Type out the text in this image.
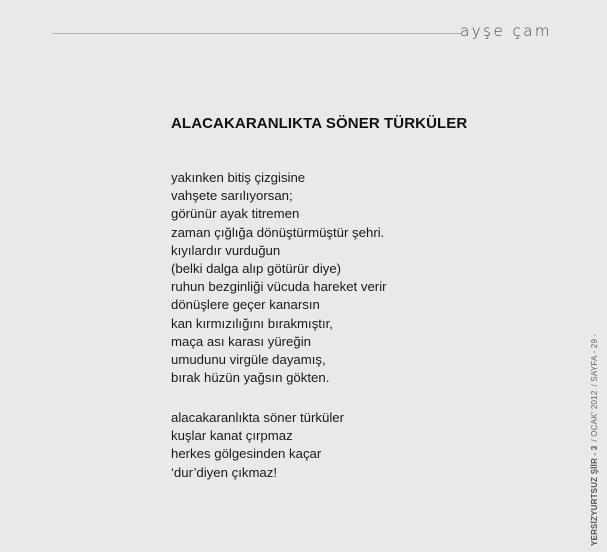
ayşe çam
ALACAKARANLIKTA SÖNER TÜRKÜLER
yakınken bitiş çizgisine
vahşete sarılıyorsan;
görünür ayak titremen
zaman çığlığa dönüştürmüştür şehri.
kıyılardır vurduğun
(belki dalga alıp götürür diye)
ruhun bezginliği vücuda hareket verir
dönüşlere geçer kanarsın
kan kırmızılığını bırakmıştır,
maça ası karası yüreğin
umudunu virgüle dayamış,
bırak hüzün yağsın gökten.
alacakaranlıkta söner türküler
kuşlar kanat çırpmaz
herkes gölgesinden kaçar
‘dur’diyen çıkmaz!	YERSİZYURTSUZ ŞİİR - 3/ OCAK' 2012/ SAYFA - 29 -
